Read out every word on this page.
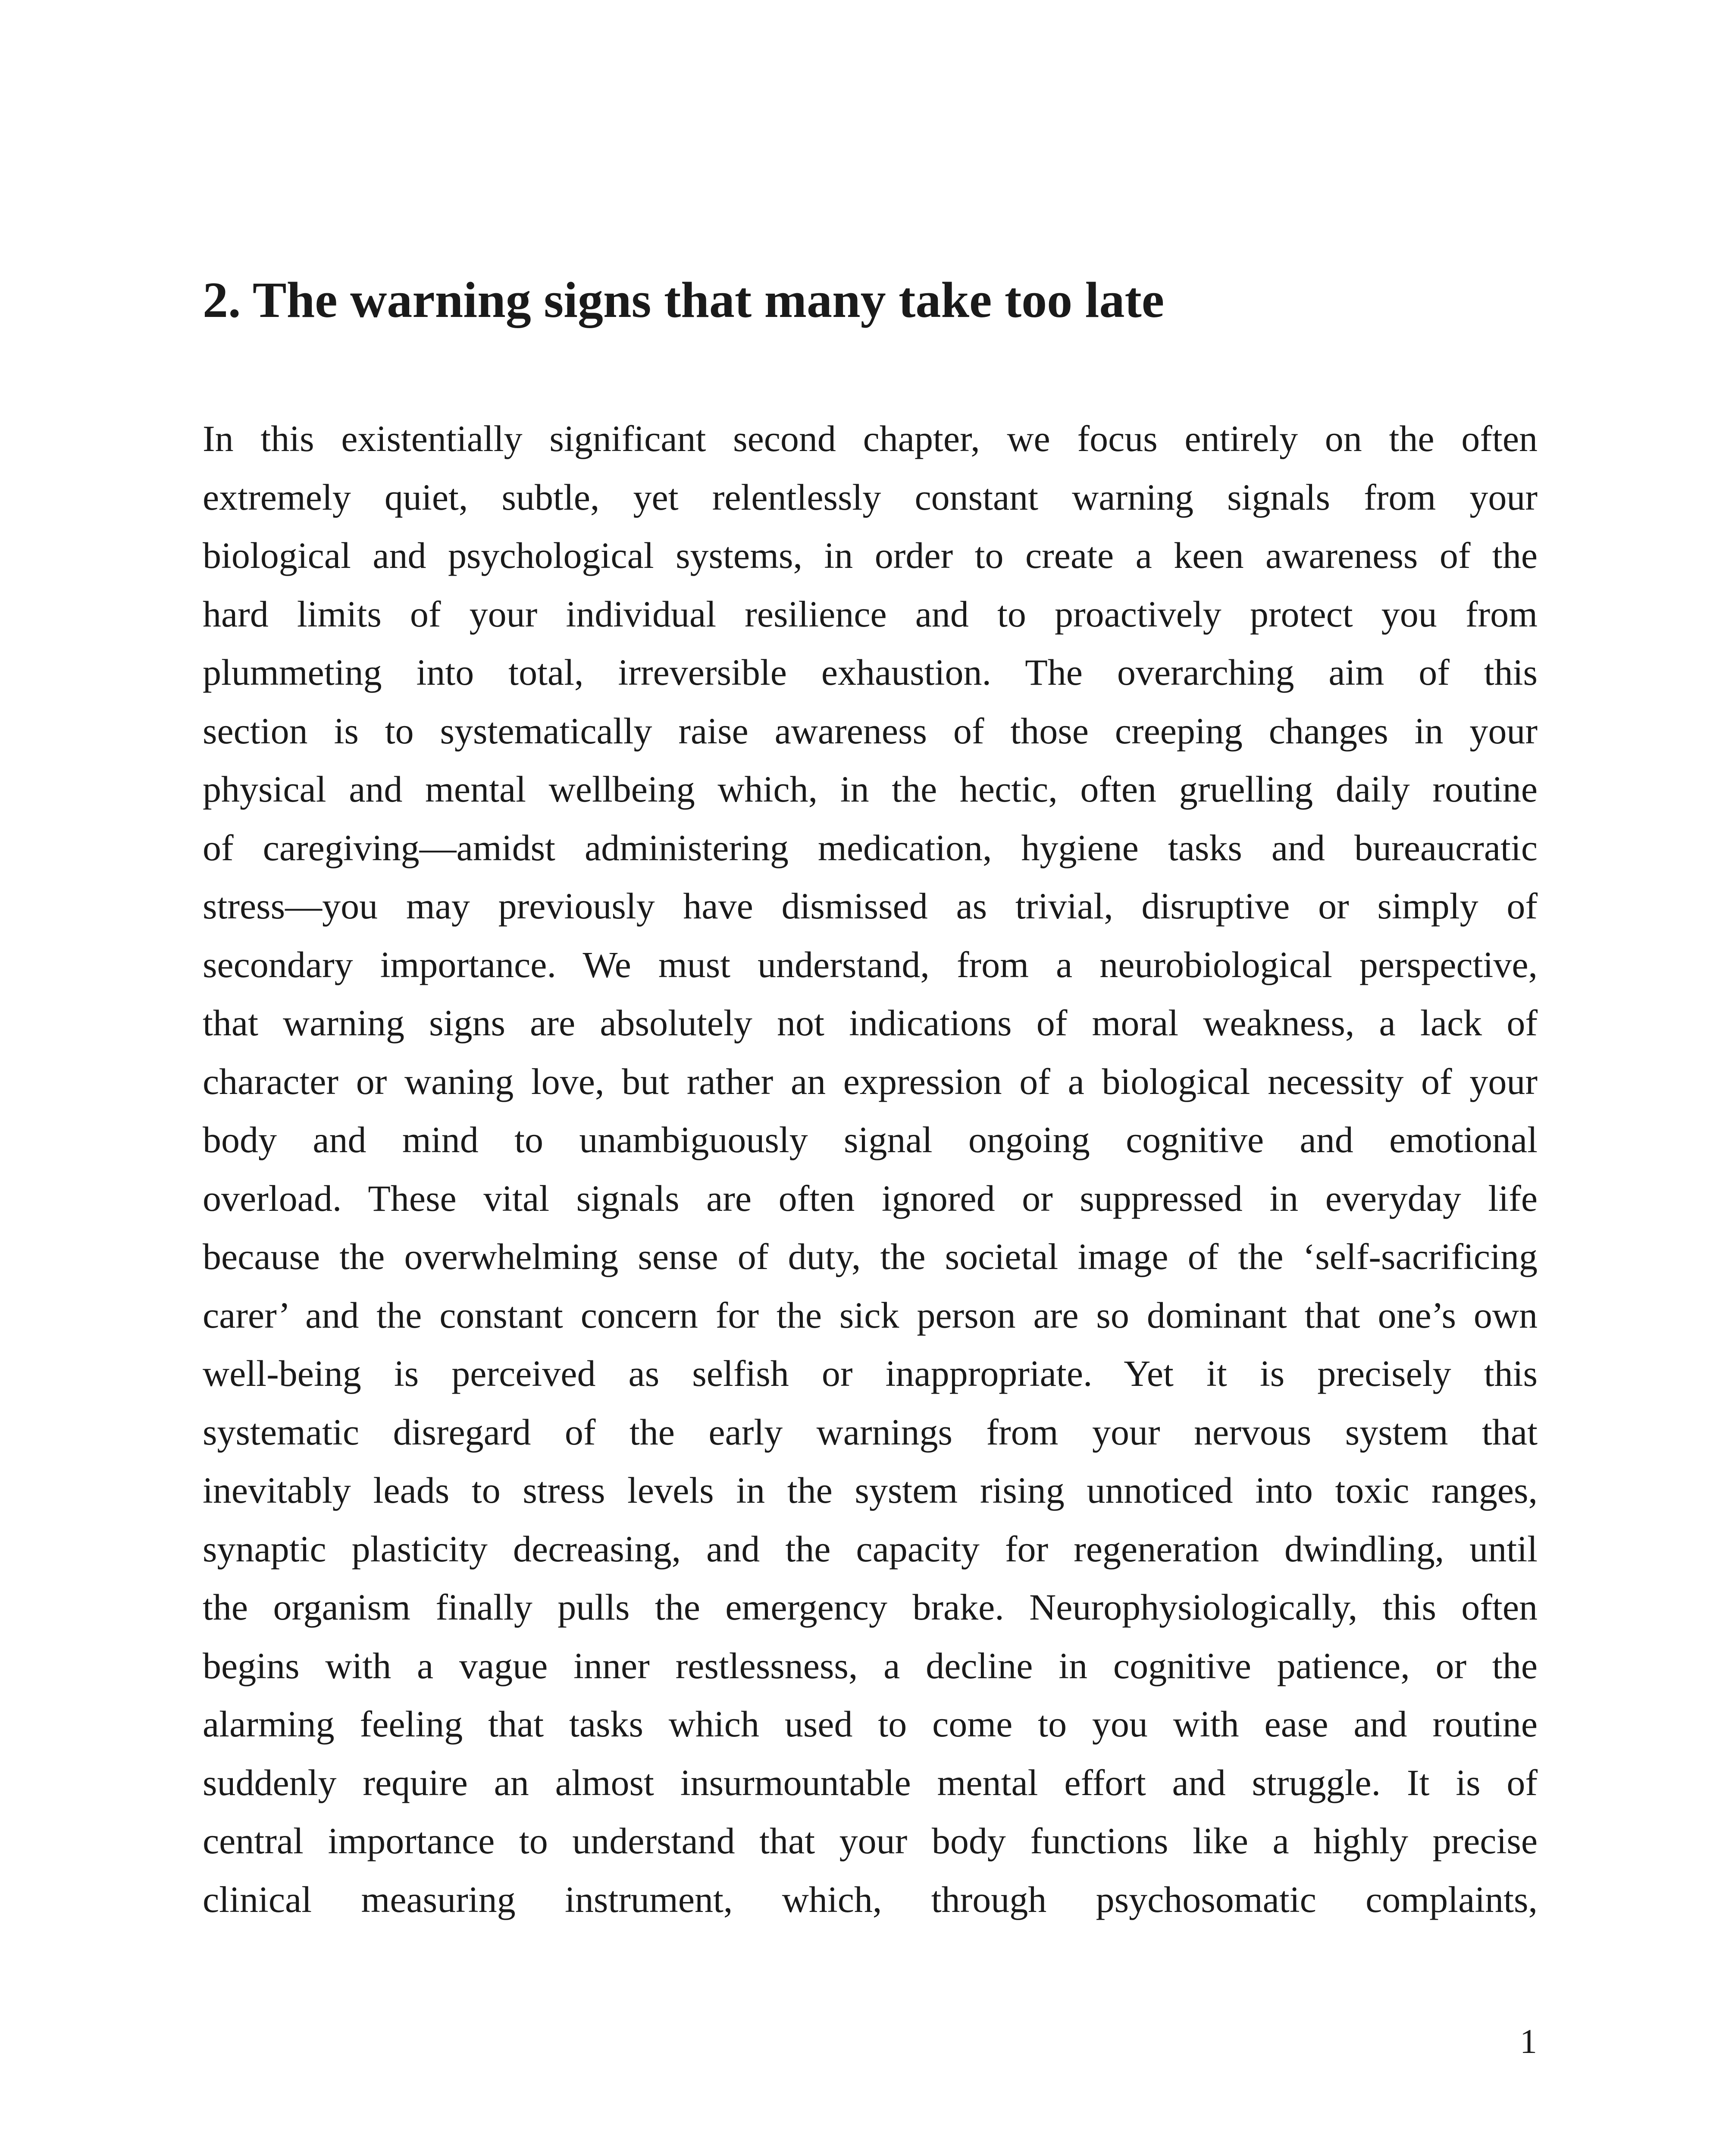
2. The warning signs that many take too late
In this existentially significant second chapter, we focus entirely on the often
extremely quiet, subtle, yet relentlessly constant warning signals from your
biological and psychological systems, in order to create a keen awareness of the
hard limits of your individual resilience and to proactively protect you from
plummeting into total, irreversible exhaustion. The overarching aim of this
section is to systematically raise awareness of those creeping changes in your
physical and mental wellbeing which, in the hectic, often gruelling daily routine
of caregiving—amidst administering medication, hygiene tasks and bureaucratic
stress—you may previously have dismissed as trivial, disruptive or simply of
secondary importance. We must understand, from a neurobiological perspective,
that warning signs are absolutely not indications of moral weakness, a lack of
character or waning love, but rather an expression of a biological necessity of your
body and mind to unambiguously signal ongoing cognitive and emotional
overload. These vital signals are often ignored or suppressed in everyday life
because the overwhelming sense of duty, the societal image of the ‘self-sacrificing
carer’ and the constant concern for the sick person are so dominant that one’s own
well-being is perceived as selfish or inappropriate. Yet it is precisely this
systematic disregard of the early warnings from your nervous system that
inevitably leads to stress levels in the system rising unnoticed into toxic ranges,
synaptic plasticity decreasing, and the capacity for regeneration dwindling, until
the organism finally pulls the emergency brake. Neurophysiologically, this often
begins with a vague inner restlessness, a decline in cognitive patience, or the
alarming feeling that tasks which used to come to you with ease and routine
suddenly require an almost insurmountable mental effort and struggle. It is of
central importance to understand that your body functions like a highly precise
clinical measuring instrument, which, through psychosomatic complaints,
1
